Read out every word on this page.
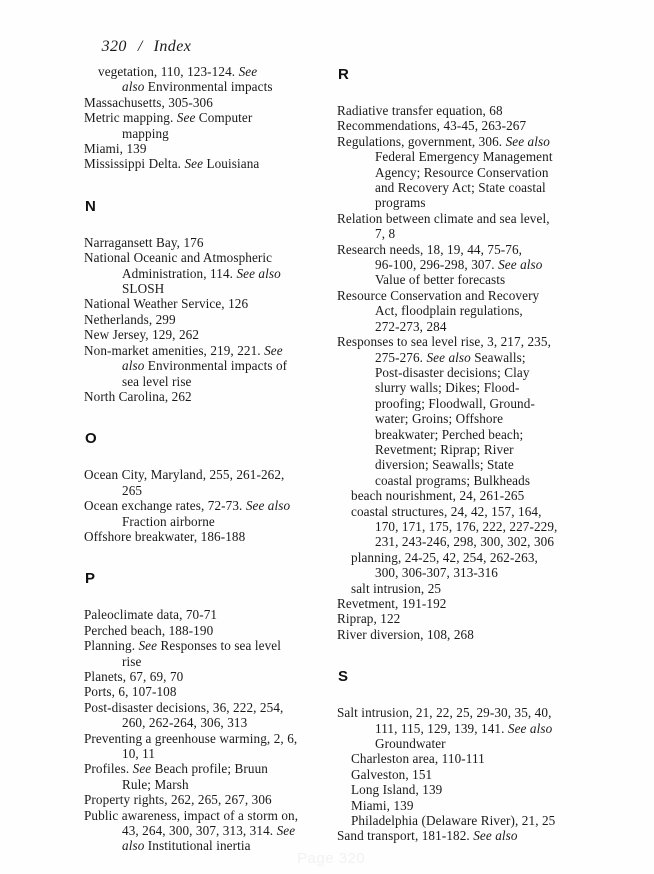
320 / Index

vegetation, 110, 123-124. See
also Environmental impacts
Massachusetts, 305-306
Metric mapping. See Computer
mapping
Miami, 139
Mississippi Delta. See Louisiana
N
Narragansett Bay, 176
National Oceanic and Atmospheric
Administration, 114. See also
SLOSH
National Weather Service, 126
Netherlands, 299
New Jersey, 129, 262
Non-market amenities, 219, 221. See
also Environmental impacts of
sea level rise
North Carolina, 262
O
Ocean City, Maryland, 255, 261-262,
265
Ocean exchange rates, 72-73. See also
Fraction airborne
Offshore breakwater, 186-188
P
Paleoclimate data, 70-71
Perched beach, 188-190
Planning. See Responses to sea level
rise
Planets, 67, 69, 70
Ports, 6, 107-108
Post-disaster decisions, 36, 222, 254,
260, 262-264, 306, 313
Preventing a greenhouse warming, 2, 6,
10, 11
Profiles. See Beach profile; Bruun
Rule; Marsh
Property rights, 262, 265, 267, 306
Public awareness, impact of a storm on,
43, 264, 300, 307, 313, 314. See
also Institutional inertia
R
Radiative transfer equation, 68
Recommendations, 43-45, 263-267
Regulations, government, 306. See also
Federal Emergency Management
Agency; Resource Conservation
and Recovery Act; State coastal
programs
Relation between climate and sea level,
7, 8
Research needs, 18, 19, 44, 75-76,
96-100, 296-298, 307. See also
Value of better forecasts
Resource Conservation and Recovery
Act, floodplain regulations,
272-273, 284
Responses to sea level rise, 3, 217, 235,
275-276. See also Seawalls;
Post-disaster decisions; Clay
slurry walls; Dikes; Flood-
proofing; Floodwall, Ground-
water; Groins; Offshore
breakwater; Perched beach;
Revetment; Riprap; River
diversion; Seawalls; State
coastal programs; Bulkheads
beach nourishment, 24, 261-265
coastal structures, 24, 42, 157, 164,
170, 171, 175, 176, 222, 227-229,
231, 243-246, 298, 300, 302, 306
planning, 24-25, 42, 254, 262-263,
300, 306-307, 313-316
salt intrusion, 25
Revetment, 191-192
Riprap, 122
River diversion, 108, 268
S
Salt intrusion, 21, 22, 25, 29-30, 35, 40,
111, 115, 129, 139, 141. See also
Groundwater
Charleston area, 110-111
Galveston, 151
Long Island, 139
Miami, 139
Philadelphia (Delaware River), 21, 25
Sand transport, 181-182. See also
Page 320
